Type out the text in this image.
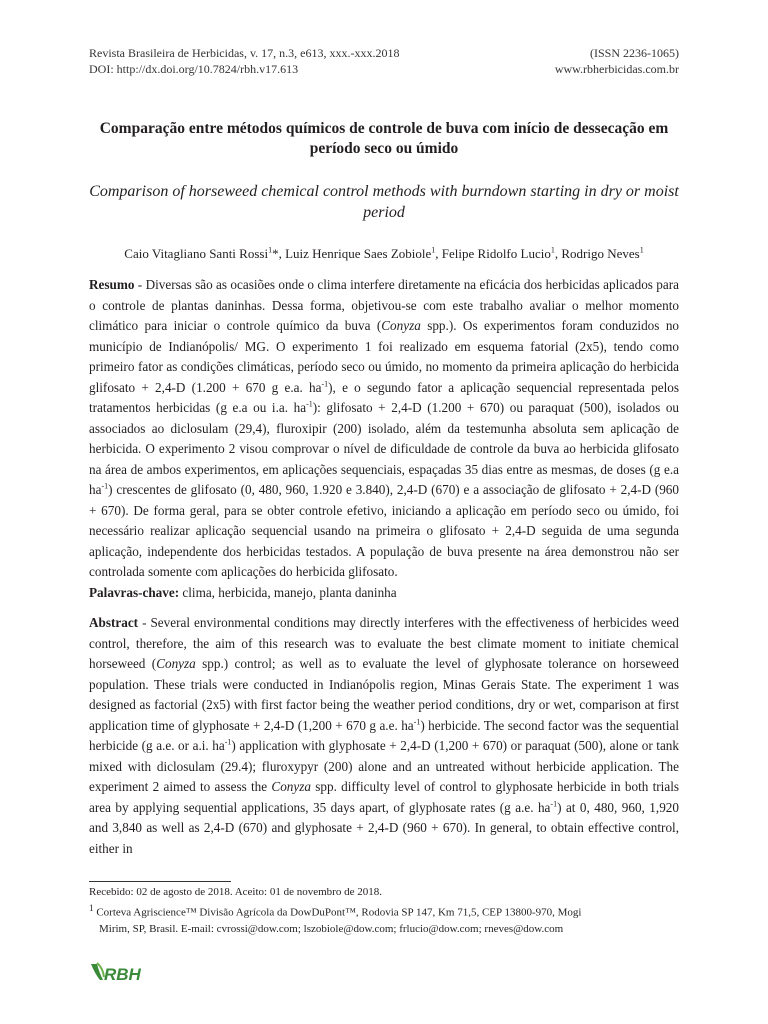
Revista Brasileira de Herbicidas, v. 17, n.3, e613, xxx.-xxx.2018	(ISSN 2236-1065)
DOI: http://dx.doi.org/10.7824/rbh.v17.613	www.rbherbicidas.com.br
Comparação entre métodos químicos de controle de buva com início de dessecação em período seco ou úmido
Comparison of horseweed chemical control methods with burndown starting in dry or moist period
Caio Vitagliano Santi Rossi$^1$*, Luiz Henrique Saes Zobiole$^1$, Felipe Ridolfo Lucio$^1$, Rodrigo Neves$^1$
Resumo - Diversas são as ocasiões onde o clima interfere diretamente na eficácia dos herbicidas aplicados para o controle de plantas daninhas. Dessa forma, objetivou-se com este trabalho avaliar o melhor momento climático para iniciar o controle químico da buva (Conyza spp.). Os experimentos foram conduzidos no município de Indianópolis/ MG. O experimento 1 foi realizado em esquema fatorial (2x5), tendo como primeiro fator as condições climáticas, período seco ou úmido, no momento da primeira aplicação do herbicida glifosato + 2,4-D (1.200 + 670 g e.a. $ha^{-1}$), e o segundo fator a aplicação sequencial representada pelos tratamentos herbicidas (g e.a ou i.a. $ha^{-1}$): glifosato + 2,4-D (1.200 + 670) ou paraquat (500), isolados ou associados ao diclosulam (29,4), fluroxipir (200) isolado, além da testemunha absoluta sem aplicação de herbicida. O experimento 2 visou comprovar o nível de dificuldade de controle da buva ao herbicida glifosato na área de ambos experimentos, em aplicações sequenciais, espaçadas 35 dias entre as mesmas, de doses (g e.a $ha^{-1}$) crescentes de glifosato (0, 480, 960, 1.920 e 3.840), 2,4-D (670) e a associação de glifosato + 2,4-D (960 + 670). De forma geral, para se obter controle efetivo, iniciando a aplicação em período seco ou úmido, foi necessário realizar aplicação sequencial usando na primeira o glifosato + 2,4-D seguida de uma segunda aplicação, independente dos herbicidas testados. A população de buva presente na área demonstrou não ser controlada somente com aplicações do herbicida glifosato.
Palavras-chave: clima, herbicida, manejo, planta daninha
Abstract - Several environmental conditions may directly interferes with the effectiveness of herbicides weed control, therefore, the aim of this research was to evaluate the best climate moment to initiate chemical horseweed (Conyza spp.) control; as well as to evaluate the level of glyphosate tolerance on horseweed population. These trials were conducted in Indianópolis region, Minas Gerais State. The experiment 1 was designed as factorial (2x5) with first factor being the weather period conditions, dry or wet, comparison at first application time of glyphosate + 2,4-D (1,200 + 670 g a.e. $ha^{-1}$) herbicide. The second factor was the sequential herbicide (g a.e. or a.i. $ha^{-1}$) application with glyphosate + 2,4-D (1,200 + 670) or paraquat (500), alone or tank mixed with diclosulam (29.4); fluroxypyr (200) alone and an untreated without herbicide application. The experiment 2 aimed to assess the Conyza spp. difficulty level of control to glyphosate herbicide in both trials area by applying sequential applications, 35 days apart, of glyphosate rates (g a.e. $ha^{-1}$) at 0, 480, 960, 1,920 and 3,840 as well as 2,4-D (670) and glyphosate + 2,4-D (960 + 670). In general, to obtain effective control, either in
Recebido: 02 de agosto de 2018. Aceito: 01 de novembro de 2018.
$^1$ Corteva Agriscience™ Divisão Agrícola da DowDuPont™, Rodovia SP 147, Km 71,5, CEP 13800-970, Mogi
Mirim, SP, Brasil. E-mail: cvrossi@dow.com; lszobiole@dow.com; frlucio@dow.com; rneves@dow.com
RBH
